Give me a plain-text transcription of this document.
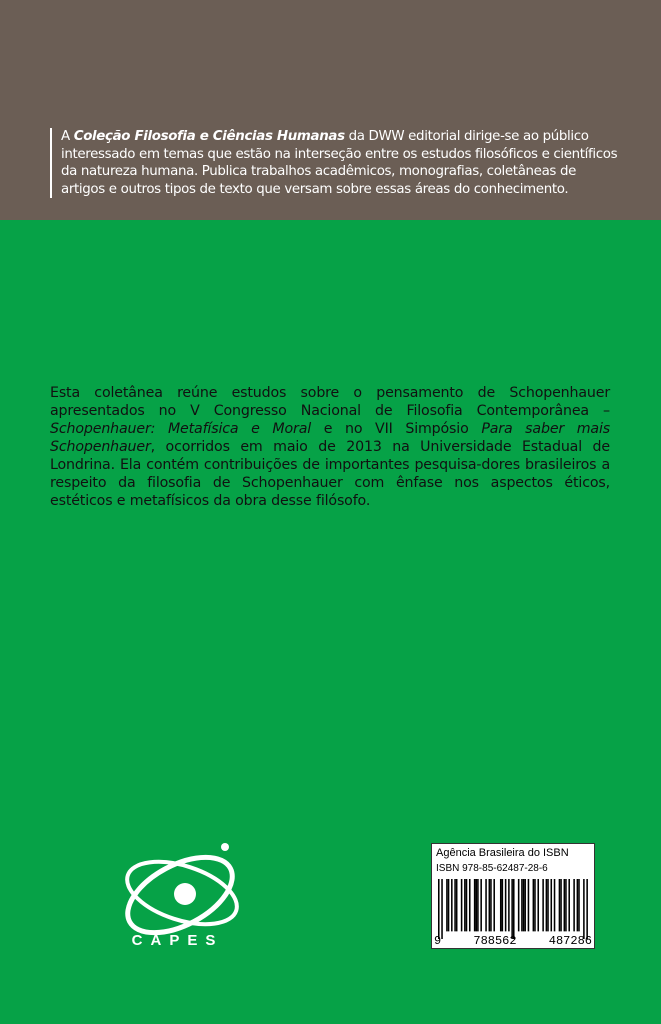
A Coleção Filosofia e Ciências Humanas da DWW editorial dirige-se ao público interessado em temas que estão na interseção entre os estudos filosóficos e científicos da natureza humana. Publica trabalhos acadêmicos, monografias, coletâneas de artigos e outros tipos de texto que versam sobre essas áreas do conhecimento.
Esta coletânea reúne estudos sobre o pensamento de Schopenhauer apresentados no V Congresso Nacional de Filosofia Contemporânea – Schopenhauer: Metafísica e Moral e no VII Simpósio Para saber mais Schopenhauer, ocorridos em maio de 2013 na Universidade Estadual de Londrina. Ela contém contribuições de importantes pesquisa-dores brasileiros a respeito da filosofia de Schopenhauer com ênfase nos aspectos éticos, estéticos e metafísicos da obra desse filósofo.
CAPES
Agência Brasileira do ISBN
ISBN 978-85-62487-28-6
9	788562	487286
